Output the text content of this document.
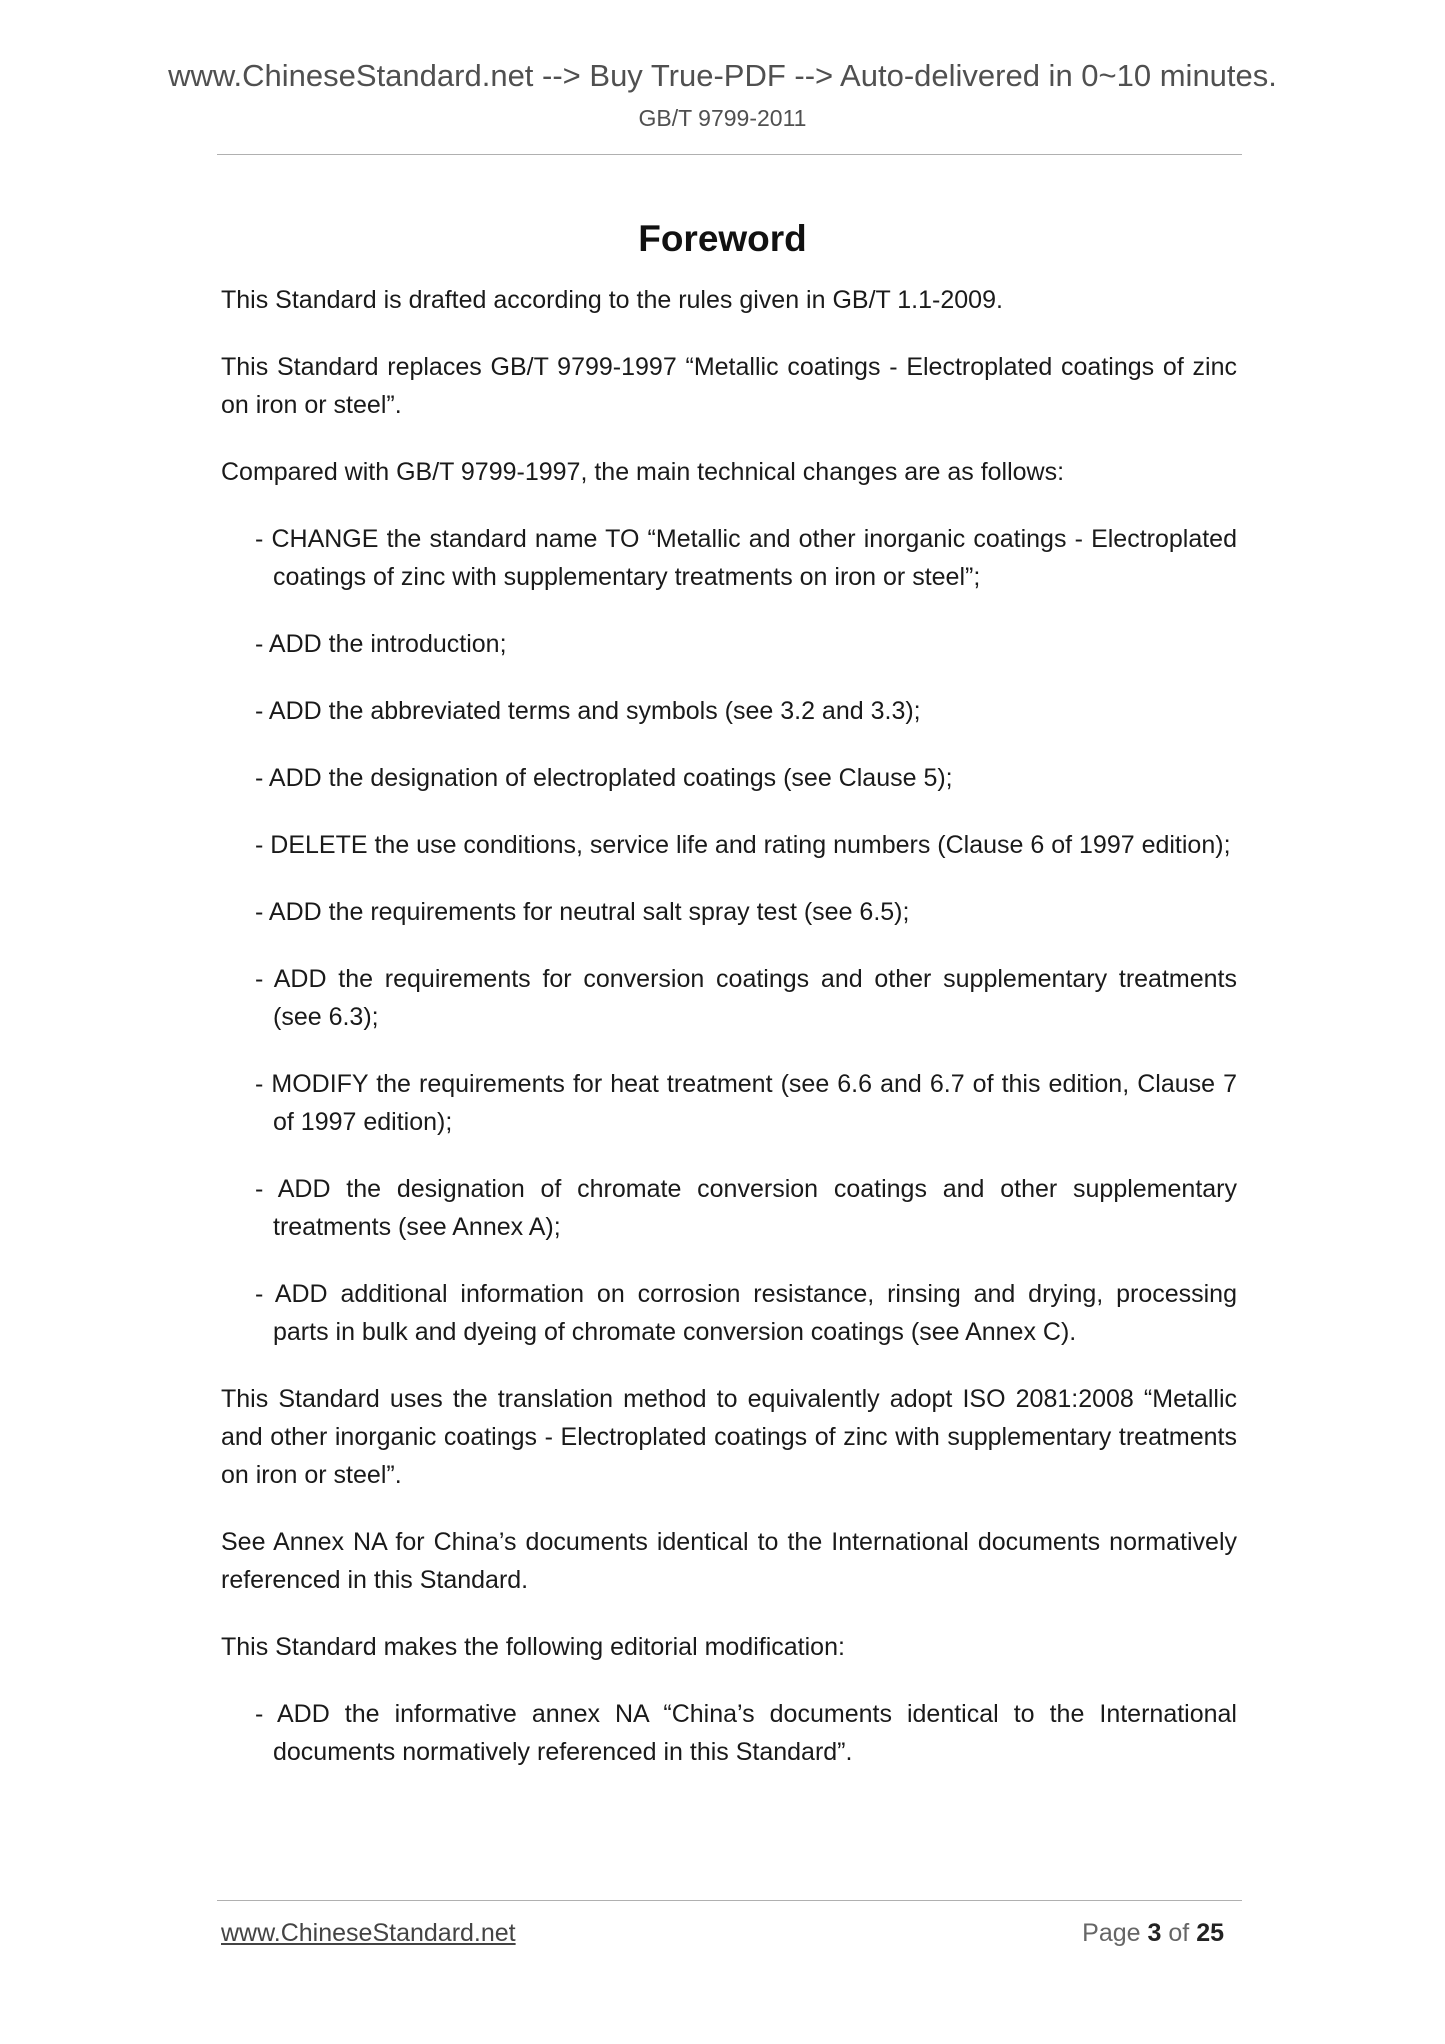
www.ChineseStandard.net --> Buy True-PDF --> Auto-delivered in 0~10 minutes.
GB/T 9799-2011
Foreword

This Standard is drafted according to the rules given in GB/T 1.1-2009.

This Standard replaces GB/T 9799-1997 “Metallic coatings - Electroplated coatings of zinc on iron or steel”.

Compared with GB/T 9799-1997, the main technical changes are as follows:

- CHANGE the standard name TO “Metallic and other inorganic coatings - Electroplated coatings of zinc with supplementary treatments on iron or steel”;
- ADD the introduction;
- ADD the abbreviated terms and symbols (see 3.2 and 3.3);
- ADD the designation of electroplated coatings (see Clause 5);
- DELETE the use conditions, service life and rating numbers (Clause 6 of 1997 edition);
- ADD the requirements for neutral salt spray test (see 6.5);
- ADD the requirements for conversion coatings and other supplementary treatments (see 6.3);
- MODIFY the requirements for heat treatment (see 6.6 and 6.7 of this edition, Clause 7 of 1997 edition);
- ADD the designation of chromate conversion coatings and other supplementary treatments (see Annex A);
- ADD additional information on corrosion resistance, rinsing and drying, processing parts in bulk and dyeing of chromate conversion coatings (see Annex C).

This Standard uses the translation method to equivalently adopt ISO 2081:2008 “Metallic and other inorganic coatings - Electroplated coatings of zinc with supplementary treatments on iron or steel”.

See Annex NA for China’s documents identical to the International documents normatively referenced in this Standard.

This Standard makes the following editorial modification:

- ADD the informative annex NA “China’s documents identical to the International documents normatively referenced in this Standard”.
www.ChineseStandard.net	Page 3 of 25
